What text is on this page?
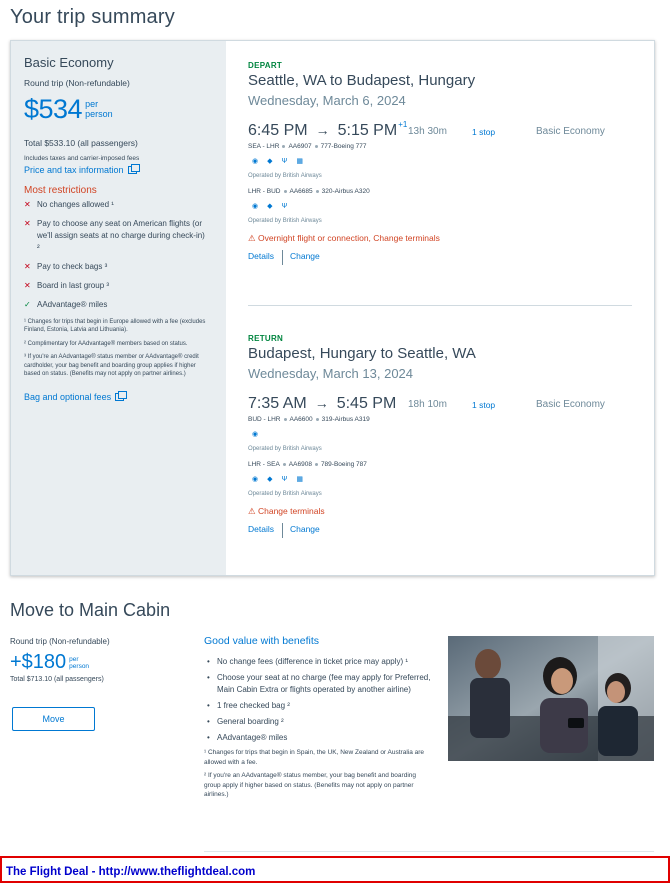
Your trip summary
Basic Economy
Round trip (Non-refundable)
$534 per
person
Total $533.10 (all passengers)
Includes taxes and carrier-imposed fees
Price and tax information
Most restrictions
✕ No changes allowed ¹
✕ Pay to choose any seat on American flights (or we'll assign seats at no charge during check-in) ²
✕ Pay to check bags ³
✕ Board in last group ³
✓ AAdvantage® miles
¹ Changes for trips that begin in Europe allowed with a fee (excludes Finland, Estonia, Latvia and Lithuania).
² Complimentary for AAdvantage® members based on status.
³ If you're an AAdvantage® status member or AAdvantage® credit cardholder, your bag benefit and boarding group applies if higher based on status. (Benefits may not apply on partner airlines.)
Bag and optional fees
DEPART
Seattle, WA to Budapest, Hungary
Wednesday, March 6, 2024
6:45 PM → 5:15 PM +1
13h 30m	1 stop	Basic Economy
SEA - LHR AA6907 777-Boeing 777
◉ ◆ Ψ ▦
Operated by British Airways
LHR - BUD AA6685 320-Airbus A320
◉ ◆ Ψ
Operated by British Airways
⚠ Overnight flight or connection, Change terminals
Details Change
RETURN
Budapest, Hungary to Seattle, WA
Wednesday, March 13, 2024
7:35 AM → 5:45 PM 18h 10m	1 stop	Basic Economy
BUD - LHR AA6600 319-Airbus A319
◉
Operated by British Airways
LHR - SEA AA6908 789-Boeing 787
◉ ◆ Ψ ▦
Operated by British Airways
⚠ Change terminals
Details Change
Move to Main Cabin
Round trip (Non-refundable)
+$180 per
person
Total $713.10 (all passengers)
Move
Good value with benefits
• No change fees (difference in ticket price may apply) ¹
• Choose your seat at no charge (fee may apply for Preferred, Main Cabin Extra or flights operated by another airline)
• 1 free checked bag ²
• General boarding ²
• AAdvantage® miles
¹ Changes for trips that begin in Spain, the UK, New Zealand or Australia are allowed with a fee.
² If you're an AAdvantage® status member, your bag benefit and boarding group apply if higher based on status. (Benefits may not apply on partner airlines.)
The Flight Deal - http://www.theflightdeal.com
